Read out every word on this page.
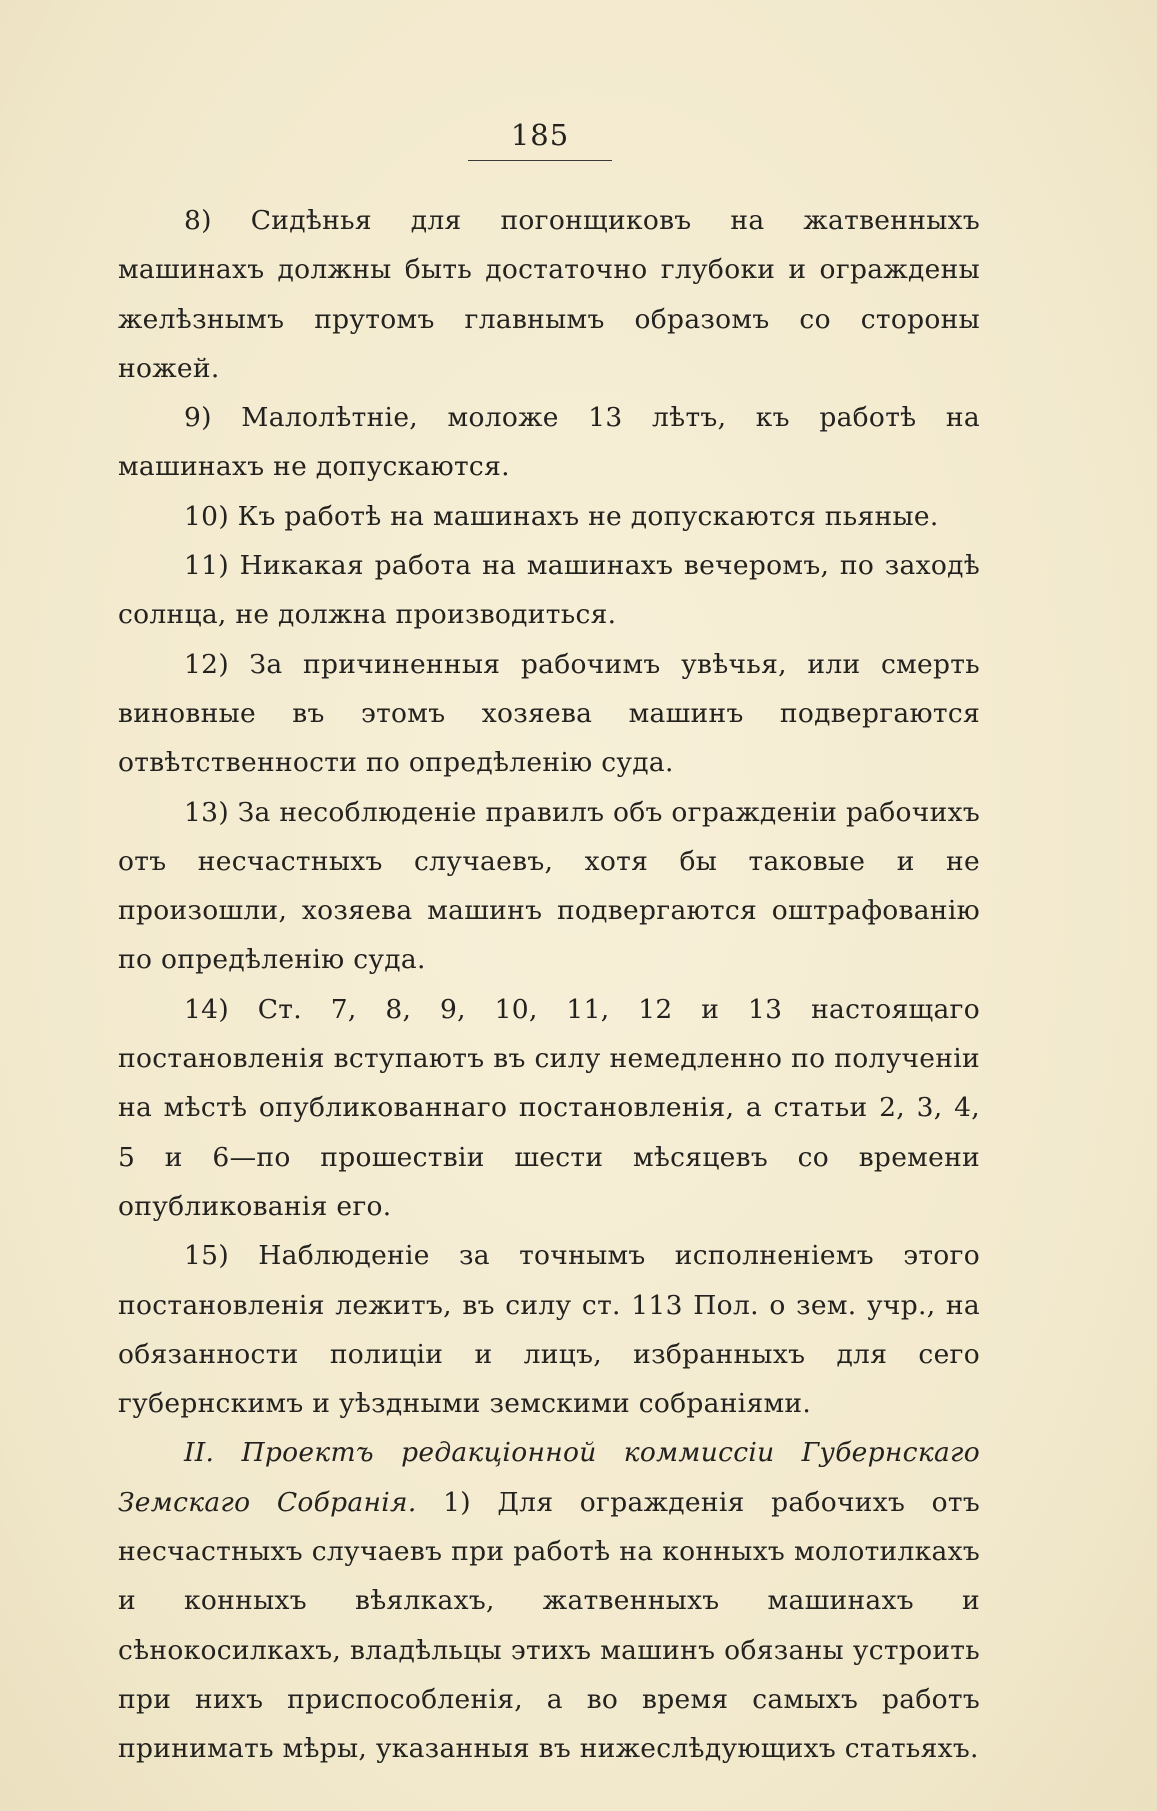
185

8) Сидѣнья для погонщиковъ на жатвенныхъ машинахъ должны быть достаточно глубоки и ограждены желѣзнымъ прутомъ главнымъ образомъ со стороны ножей.

9) Малолѣтніе, моложе 13 лѣтъ, къ работѣ на машинахъ не допускаются.

10) Къ работѣ на машинахъ не допускаются пьяные.

11) Никакая работа на машинахъ вечеромъ, по заходѣ солнца, не должна производиться.

12) За причиненныя рабочимъ увѣчья, или смерть виновные въ этомъ хозяева машинъ подвергаются отвѣтственности по опредѣленію суда.

13) За несоблюденіе правилъ объ огражденіи рабочихъ отъ несчастныхъ случаевъ, хотя бы таковые и не произошли, хозяева машинъ подвергаются оштрафованію по опредѣленію суда.

14) Ст. 7, 8, 9, 10, 11, 12 и 13 настоящаго постановленія вступаютъ въ силу немедленно по полученіи на мѣстѣ опубликованнаго постановленія, а статьи 2, 3, 4, 5 и 6—по прошествіи шести мѣсяцевъ со времени опубликованія его.

15) Наблюденіе за точнымъ исполненіемъ этого постановленія лежитъ, въ силу ст. 113 Пол. о зем. учр., на обязанности полиціи и лицъ, избранныхъ для сего губернскимъ и уѣздными земскими собраніями.

II. Проектъ редакціонной коммиссіи Губернскаго Земскаго Собранія. 1) Для огражденія рабочихъ отъ несчастныхъ случаевъ при работѣ на конныхъ молотилкахъ и конныхъ вѣялкахъ, жатвенныхъ машинахъ и сѣнокосилкахъ, владѣльцы этихъ машинъ обязаны устроить при нихъ приспособленія, а во время самыхъ работъ принимать мѣры, указанныя въ нижеслѣдующихъ статьяхъ.
